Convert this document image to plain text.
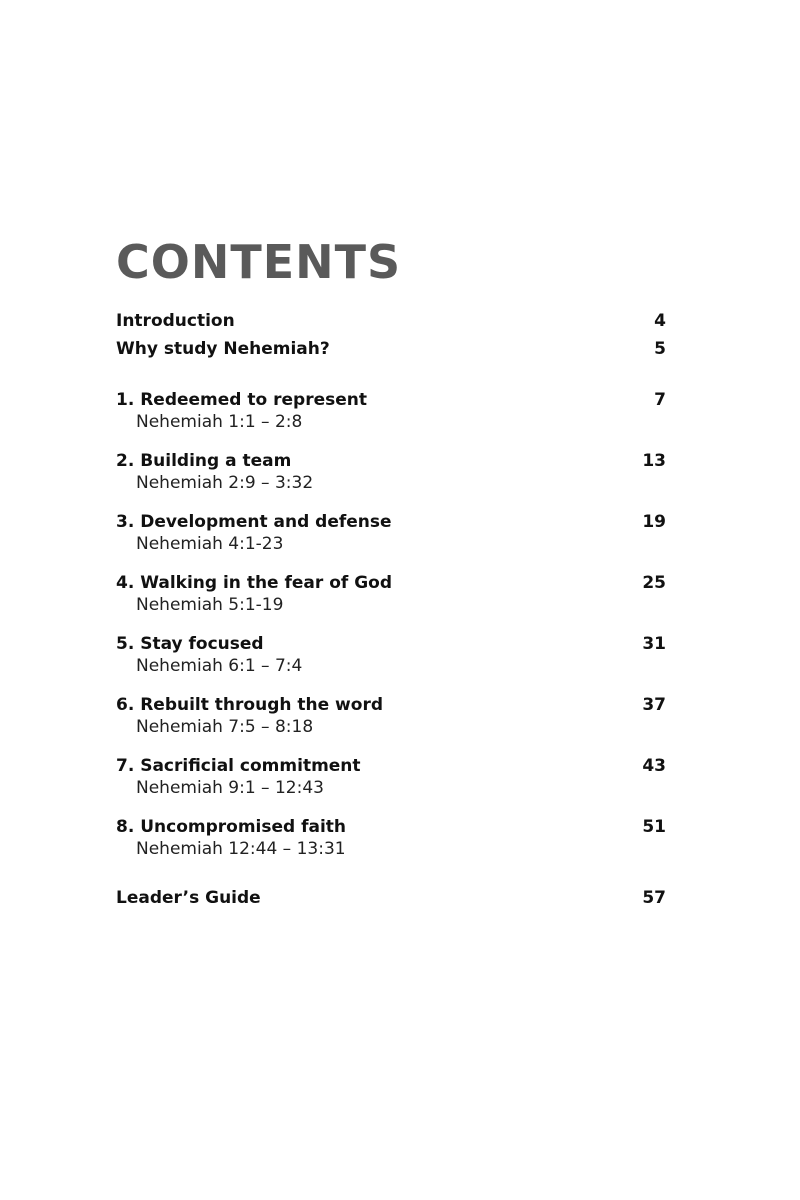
CONTENTS
Introduction	4
Why study Nehemiah?	5
1. Redeemed to represent	7
Nehemiah 1:1 – 2:8
2. Building a team	13
Nehemiah 2:9 – 3:32
3. Development and defense	19
Nehemiah 4:1-23
4. Walking in the fear of God	25
Nehemiah 5:1-19
5. Stay focused	31
Nehemiah 6:1 – 7:4
6. Rebuilt through the word	37
Nehemiah 7:5 – 8:18
7. Sacrificial commitment	43
Nehemiah 9:1 – 12:43
8. Uncompromised faith	51
Nehemiah 12:44 – 13:31
Leader’s Guide	57
